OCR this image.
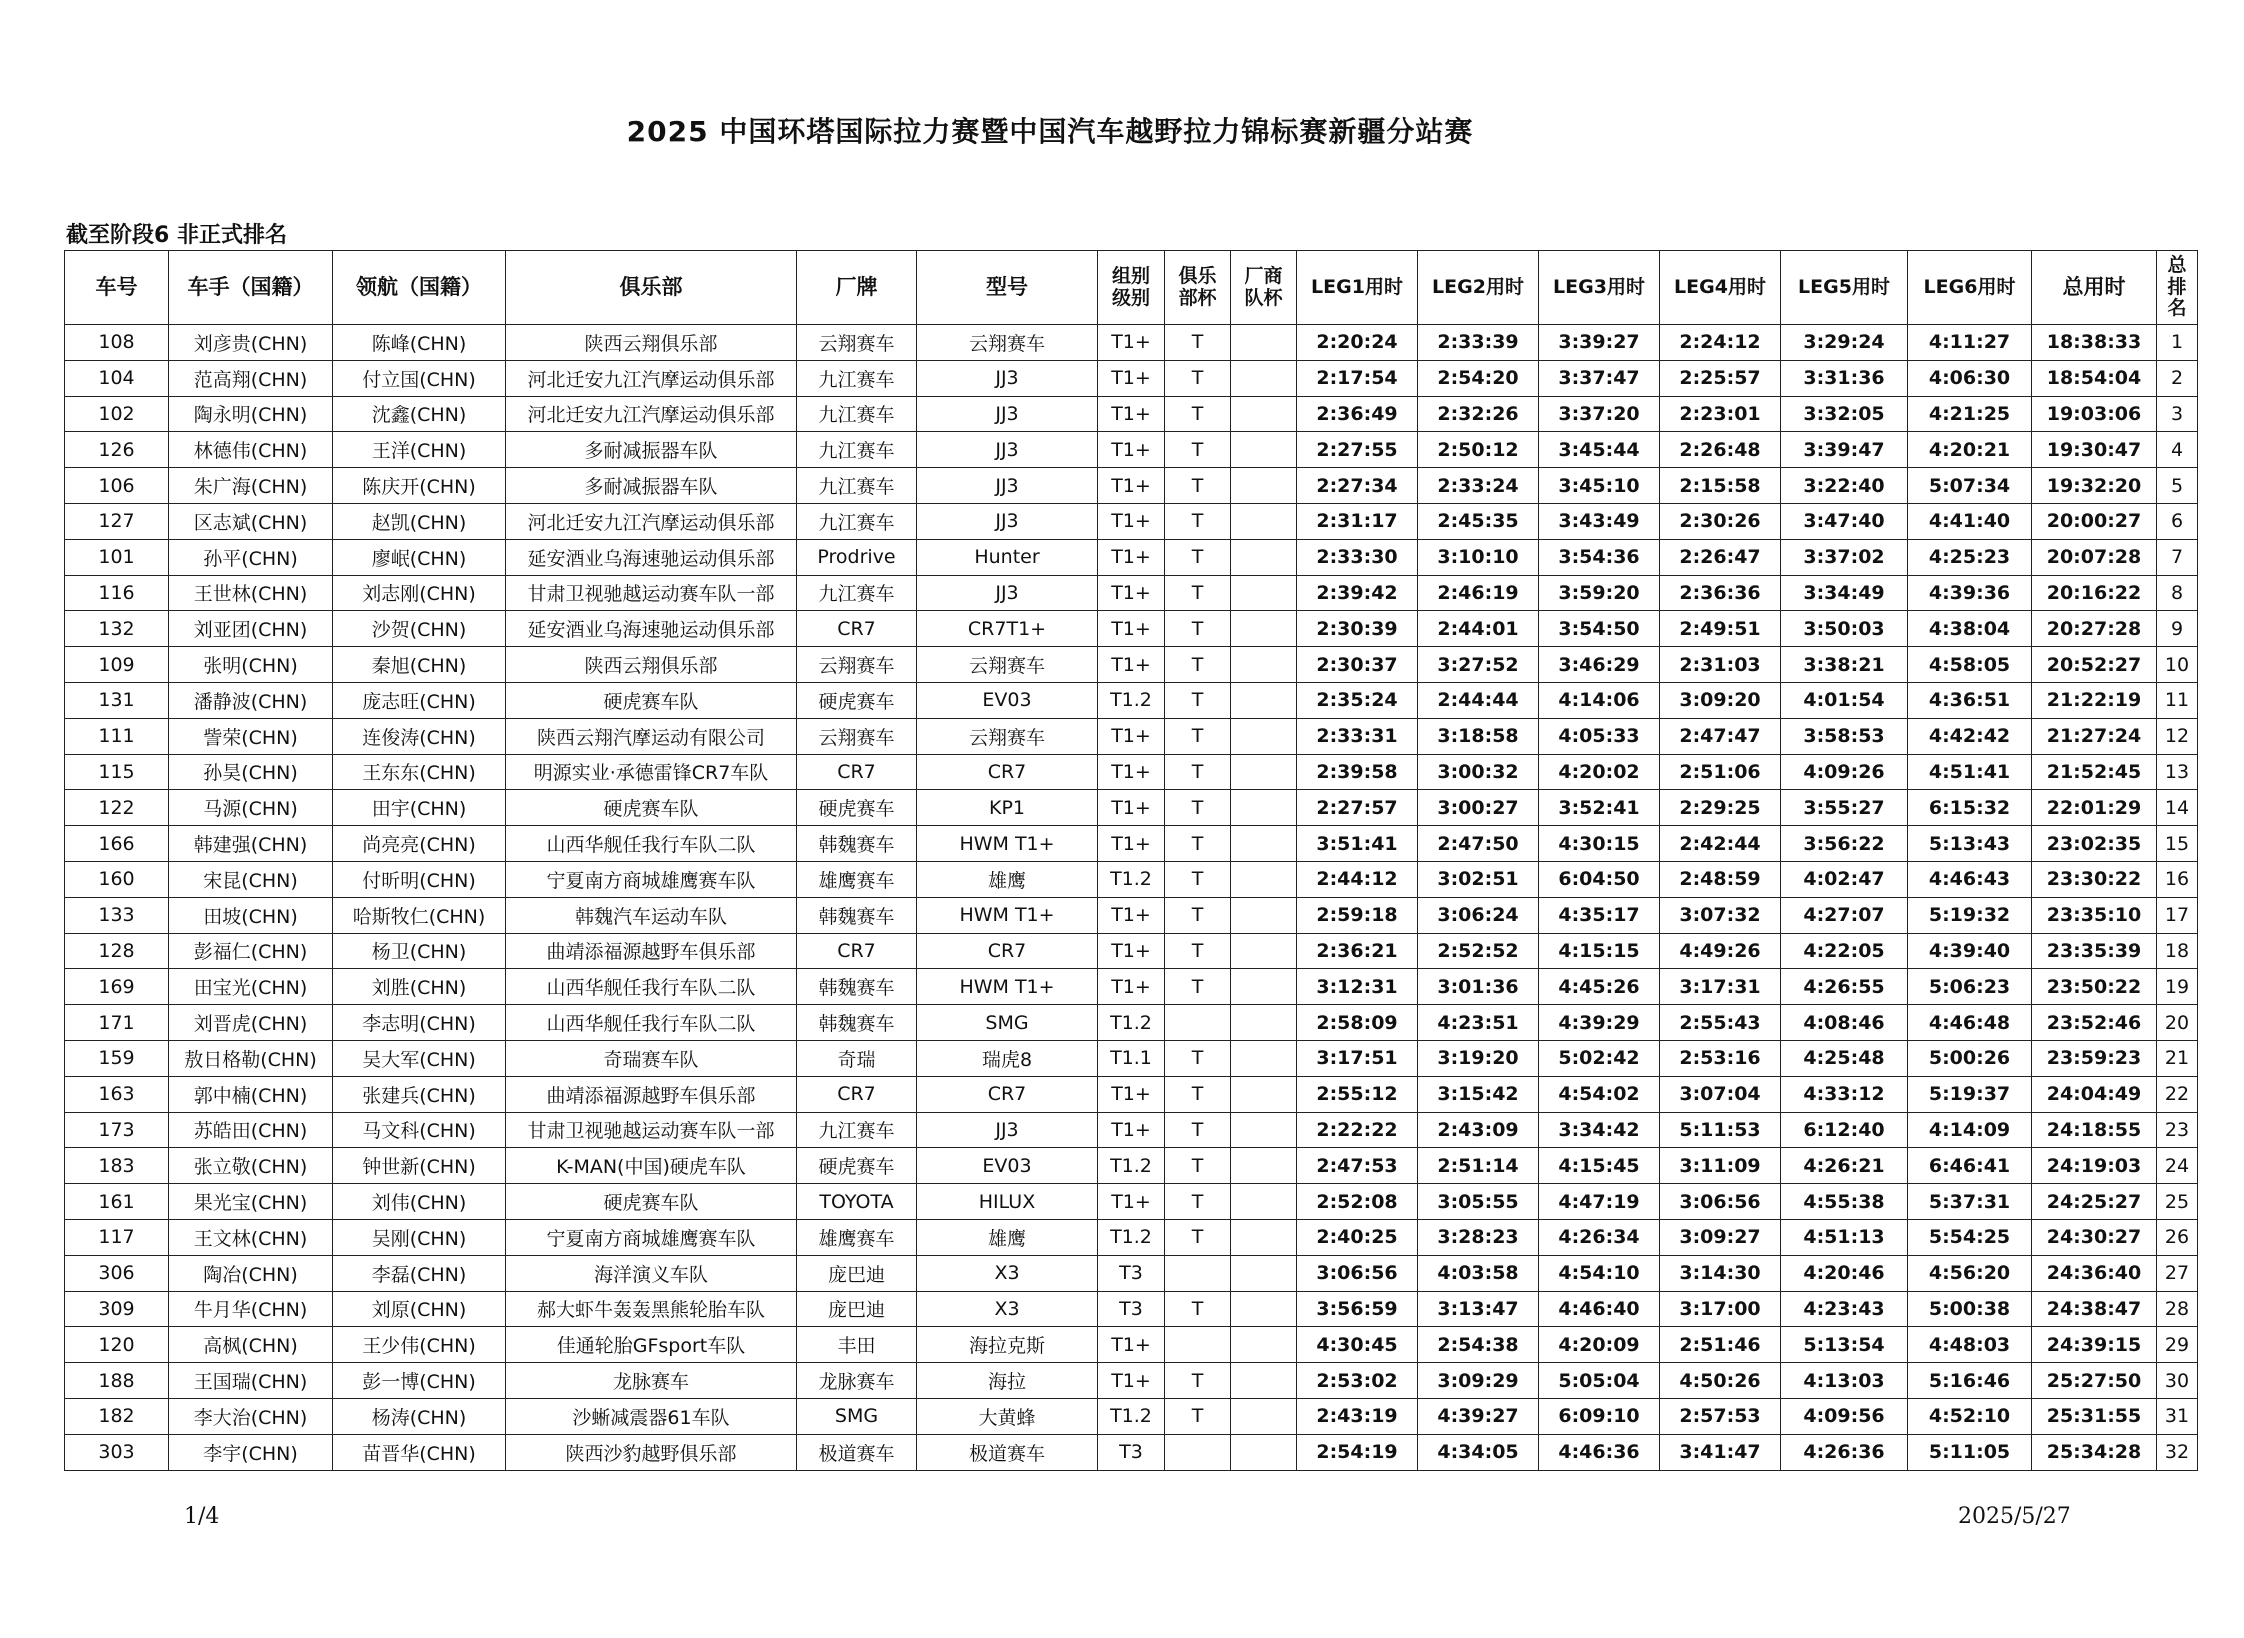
2025 中国环塔国际拉力赛暨中国汽车越野拉力锦标赛新疆分站赛
截至阶段6 非正式排名
车号	车手（国籍）	领航（国籍）	俱乐部	厂牌	型号	组别级别	俱乐部杯	厂商队杯	LEG1用时	LEG2用时	LEG3用时	LEG4用时	LEG5用时	LEG6用时	总用时	总排名

108	刘彦贵(CHN)	陈峰(CHN)	陕西云翔俱乐部	云翔赛车	云翔赛车	T1+	T		2:20:24	2:33:39	3:39:27	2:24:12	3:29:24	4:11:27	18:38:33	1
104	范高翔(CHN)	付立国(CHN)	河北迁安九江汽摩运动俱乐部	九江赛车	JJ3	T1+	T		2:17:54	2:54:20	3:37:47	2:25:57	3:31:36	4:06:30	18:54:04	2
102	陶永明(CHN)	沈鑫(CHN)	河北迁安九江汽摩运动俱乐部	九江赛车	JJ3	T1+	T		2:36:49	2:32:26	3:37:20	2:23:01	3:32:05	4:21:25	19:03:06	3
126	林德伟(CHN)	王洋(CHN)	多耐减振器车队	九江赛车	JJ3	T1+	T		2:27:55	2:50:12	3:45:44	2:26:48	3:39:47	4:20:21	19:30:47	4
106	朱广海(CHN)	陈庆开(CHN)	多耐减振器车队	九江赛车	JJ3	T1+	T		2:27:34	2:33:24	3:45:10	2:15:58	3:22:40	5:07:34	19:32:20	5
127	区志斌(CHN)	赵凯(CHN)	河北迁安九江汽摩运动俱乐部	九江赛车	JJ3	T1+	T		2:31:17	2:45:35	3:43:49	2:30:26	3:47:40	4:41:40	20:00:27	6
101	孙平(CHN)	廖岷(CHN)	延安酒业乌海速驰运动俱乐部	Prodrive	Hunter	T1+	T		2:33:30	3:10:10	3:54:36	2:26:47	3:37:02	4:25:23	20:07:28	7
116	王世林(CHN)	刘志刚(CHN)	甘肃卫视驰越运动赛车队一部	九江赛车	JJ3	T1+	T		2:39:42	2:46:19	3:59:20	2:36:36	3:34:49	4:39:36	20:16:22	8
132	刘亚团(CHN)	沙贺(CHN)	延安酒业乌海速驰运动俱乐部	CR7	CR7T1+	T1+	T		2:30:39	2:44:01	3:54:50	2:49:51	3:50:03	4:38:04	20:27:28	9
109	张明(CHN)	秦旭(CHN)	陕西云翔俱乐部	云翔赛车	云翔赛车	T1+	T		2:30:37	3:27:52	3:46:29	2:31:03	3:38:21	4:58:05	20:52:27	10
131	潘静波(CHN)	庞志旺(CHN)	硬虎赛车队	硬虎赛车	EV03	T1.2	T		2:35:24	2:44:44	4:14:06	3:09:20	4:01:54	4:36:51	21:22:19	11
111	訾荣(CHN)	连俊涛(CHN)	陕西云翔汽摩运动有限公司	云翔赛车	云翔赛车	T1+	T		2:33:31	3:18:58	4:05:33	2:47:47	3:58:53	4:42:42	21:27:24	12
115	孙昊(CHN)	王东东(CHN)	明源实业·承德雷锋CR7车队	CR7	CR7	T1+	T		2:39:58	3:00:32	4:20:02	2:51:06	4:09:26	4:51:41	21:52:45	13
122	马源(CHN)	田宇(CHN)	硬虎赛车队	硬虎赛车	KP1	T1+	T		2:27:57	3:00:27	3:52:41	2:29:25	3:55:27	6:15:32	22:01:29	14
166	韩建强(CHN)	尚亮亮(CHN)	山西华舰任我行车队二队	韩魏赛车	HWM T1+	T1+	T		3:51:41	2:47:50	4:30:15	2:42:44	3:56:22	5:13:43	23:02:35	15
160	宋昆(CHN)	付昕明(CHN)	宁夏南方商城雄鹰赛车队	雄鹰赛车	雄鹰	T1.2	T		2:44:12	3:02:51	6:04:50	2:48:59	4:02:47	4:46:43	23:30:22	16
133	田坡(CHN)	哈斯牧仁(CHN)	韩魏汽车运动车队	韩魏赛车	HWM T1+	T1+	T		2:59:18	3:06:24	4:35:17	3:07:32	4:27:07	5:19:32	23:35:10	17
128	彭福仁(CHN)	杨卫(CHN)	曲靖添福源越野车俱乐部	CR7	CR7	T1+	T		2:36:21	2:52:52	4:15:15	4:49:26	4:22:05	4:39:40	23:35:39	18
169	田宝光(CHN)	刘胜(CHN)	山西华舰任我行车队二队	韩魏赛车	HWM T1+	T1+	T		3:12:31	3:01:36	4:45:26	3:17:31	4:26:55	5:06:23	23:50:22	19
171	刘晋虎(CHN)	李志明(CHN)	山西华舰任我行车队二队	韩魏赛车	SMG	T1.2			2:58:09	4:23:51	4:39:29	2:55:43	4:08:46	4:46:48	23:52:46	20
159	敖日格勒(CHN)	吴大军(CHN)	奇瑞赛车队	奇瑞	瑞虎8	T1.1	T		3:17:51	3:19:20	5:02:42	2:53:16	4:25:48	5:00:26	23:59:23	21
163	郭中楠(CHN)	张建兵(CHN)	曲靖添福源越野车俱乐部	CR7	CR7	T1+	T		2:55:12	3:15:42	4:54:02	3:07:04	4:33:12	5:19:37	24:04:49	22
173	苏皓田(CHN)	马文科(CHN)	甘肃卫视驰越运动赛车队一部	九江赛车	JJ3	T1+	T		2:22:22	2:43:09	3:34:42	5:11:53	6:12:40	4:14:09	24:18:55	23
183	张立敬(CHN)	钟世新(CHN)	K-MAN(中国)硬虎车队	硬虎赛车	EV03	T1.2	T		2:47:53	2:51:14	4:15:45	3:11:09	4:26:21	6:46:41	24:19:03	24
161	果光宝(CHN)	刘伟(CHN)	硬虎赛车队	TOYOTA	HILUX	T1+	T		2:52:08	3:05:55	4:47:19	3:06:56	4:55:38	5:37:31	24:25:27	25
117	王文林(CHN)	吴刚(CHN)	宁夏南方商城雄鹰赛车队	雄鹰赛车	雄鹰	T1.2	T		2:40:25	3:28:23	4:26:34	3:09:27	4:51:13	5:54:25	24:30:27	26
306	陶冶(CHN)	李磊(CHN)	海洋演义车队	庞巴迪	X3	T3			3:06:56	4:03:58	4:54:10	3:14:30	4:20:46	4:56:20	24:36:40	27
309	牛月华(CHN)	刘原(CHN)	郝大虾牛轰轰黑熊轮胎车队	庞巴迪	X3	T3	T		3:56:59	3:13:47	4:46:40	3:17:00	4:23:43	5:00:38	24:38:47	28
120	高枫(CHN)	王少伟(CHN)	佳通轮胎GFsport车队	丰田	海拉克斯	T1+			4:30:45	2:54:38	4:20:09	2:51:46	5:13:54	4:48:03	24:39:15	29
188	王国瑞(CHN)	彭一博(CHN)	龙脉赛车	龙脉赛车	海拉	T1+	T		2:53:02	3:09:29	5:05:04	4:50:26	4:13:03	5:16:46	25:27:50	30
182	李大治(CHN)	杨涛(CHN)	沙蜥减震器61车队	SMG	大黄蜂	T1.2	T		2:43:19	4:39:27	6:09:10	2:57:53	4:09:56	4:52:10	25:31:55	31
303	李宇(CHN)	苗晋华(CHN)	陕西沙豹越野俱乐部	极道赛车	极道赛车	T3			2:54:19	4:34:05	4:46:36	3:41:47	4:26:36	5:11:05	25:34:28	32
1/4	2025/5/27
